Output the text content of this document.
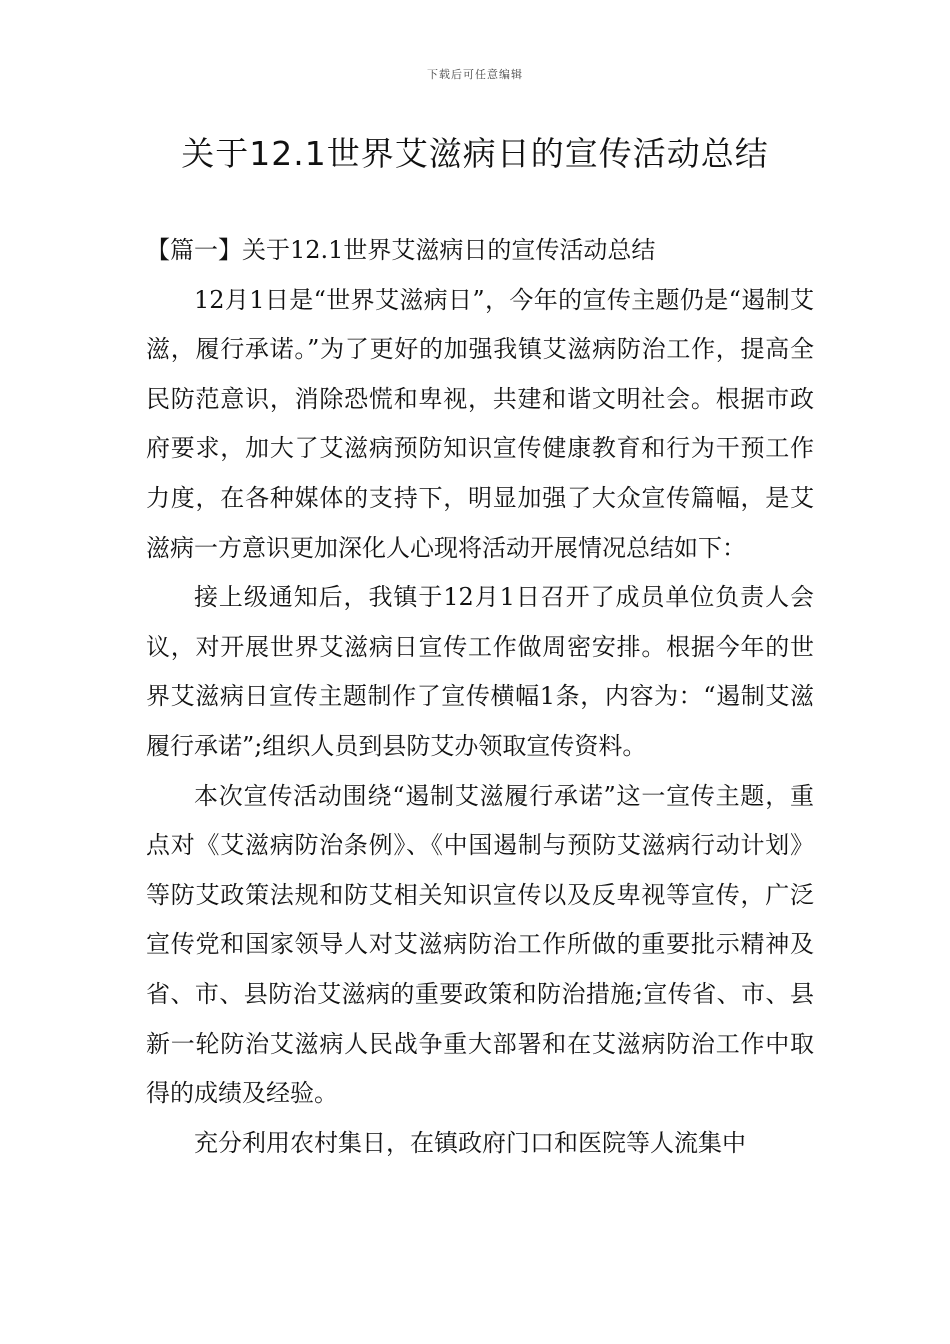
下载后可任意编辑
关于12.1世界艾滋病日的宣传活动总结

【篇一】关于12.1世界艾滋病日的宣传活动总结

12月1日是“世界艾滋病日”，今年的宣传主题仍是“遏制艾滋，履行承诺。”为了更好的加强我镇艾滋病防治工作，提高全民防范意识，消除恐慌和卑视，共建和谐文明社会。根据市政府要求，加大了艾滋病预防知识宣传健康教育和行为干预工作力度，在各种媒体的支持下，明显加强了大众宣传篇幅，是艾滋病一方意识更加深化人心现将活动开展情况总结如下：

接上级通知后，我镇于12月1日召开了成员单位负责人会议，对开展世界艾滋病日宣传工作做周密安排。根据今年的世界艾滋病日宣传主题制作了宣传横幅1条，内容为：“遏制艾滋履行承诺”;组织人员到县防艾办领取宣传资料。

本次宣传活动围绕“遏制艾滋履行承诺”这一宣传主题，重点对《艾滋病防治条例》、《中国遏制与预防艾滋病行动计划》等防艾政策法规和防艾相关知识宣传以及反卑视等宣传，广泛宣传党和国家领导人对艾滋病防治工作所做的重要批示精神及省、市、县防治艾滋病的重要政策和防治措施;宣传省、市、县新一轮防治艾滋病人民战争重大部署和在艾滋病防治工作中取得的成绩及经验。

充分利用农村集日，在镇政府门口和医院等人流集中
